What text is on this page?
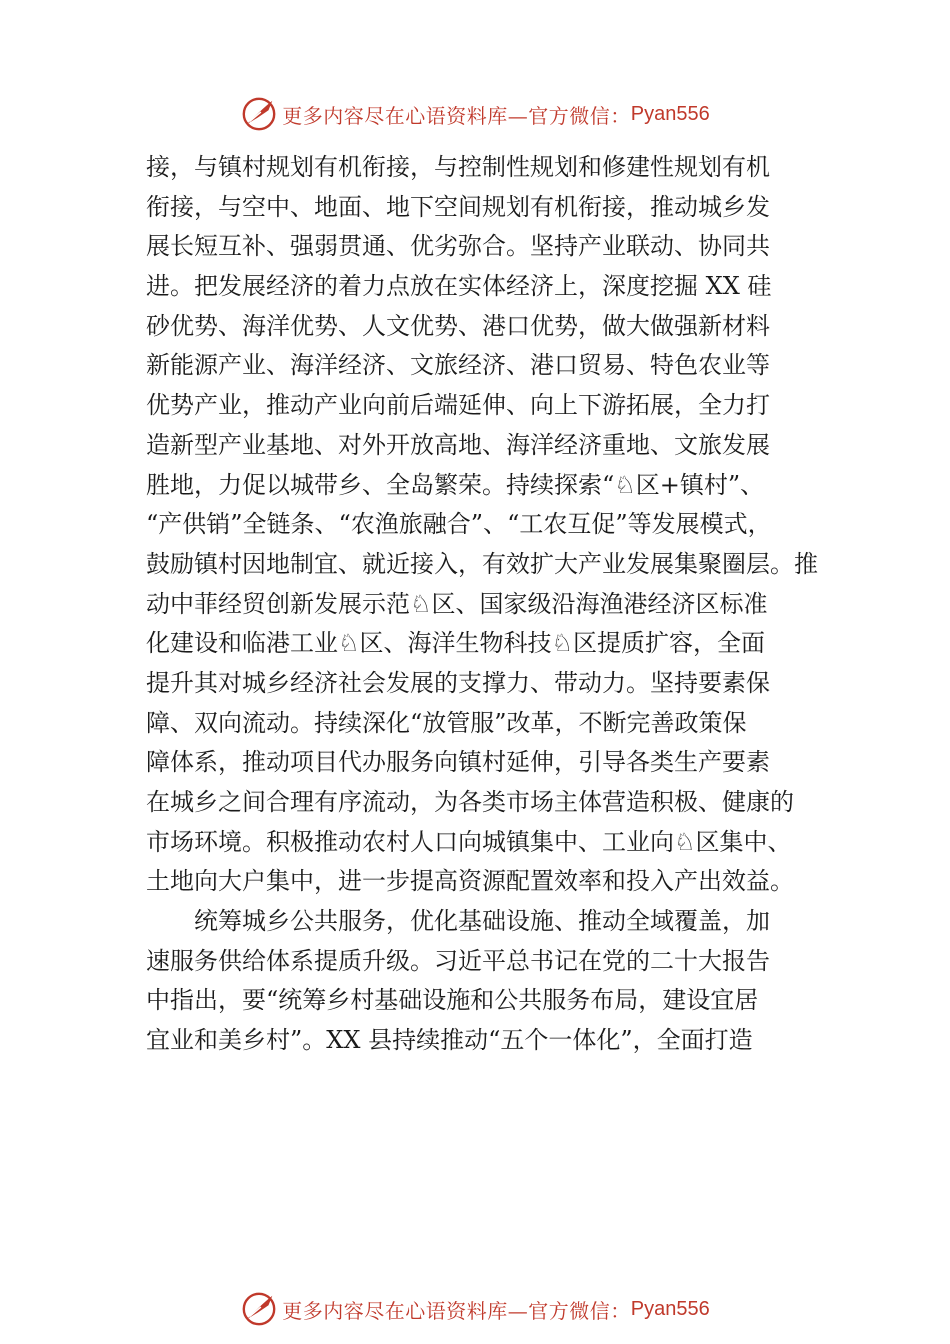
更多内容尽在心语资料库—官方微信： Pyan556
接，与镇村规划有机衔接，与控制性规划和修建性规划有机
衔接，与空中、地面、地下空间规划有机衔接，推动城乡发
展长短互补、强弱贯通、优劣弥合。坚持产业联动、协同共
进。把发展经济的着力点放在实体经济上，深度挖掘 XX 硅
砂优势、海洋优势、人文优势、港口优势，做大做强新材料
新能源产业、海洋经济、文旅经济、港口贸易、特色农业等
优势产业，推动产业向前后端延伸、向上下游拓展，全力打
造新型产业基地、对外开放高地、海洋经济重地、文旅发展
胜地，力促以城带乡、全岛繁荣。持续探索“♘区+镇村”、
“产供销”全链条、“农渔旅融合”、“工农互促”等发展模式，
鼓励镇村因地制宜、就近接入，有效扩大产业发展集聚圈层。推
动中菲经贸创新发展示范♘区、国家级沿海渔港经济区标准
化建设和临港工业♘区、海洋生物科技♘区提质扩容，全面
提升其对城乡经济社会发展的支撑力、带动力。坚持要素保
障、双向流动。持续深化“放管服”改革，不断完善政策保
障体系，推动项目代办服务向镇村延伸，引导各类生产要素
在城乡之间合理有序流动，为各类市场主体营造积极、健康的
市场环境。积极推动农村人口向城镇集中、工业向♘区集中、
土地向大户集中，进一步提高资源配置效率和投入产出效益。
　　统筹城乡公共服务，优化基础设施、推动全域覆盖，加
速服务供给体系提质升级。习近平总书记在党的二十大报告
中指出，要“统筹乡村基础设施和公共服务布局，建设宜居
宜业和美乡村”。XX 县持续推动“五个一体化”，全面打造
更多内容尽在心语资料库—官方微信： Pyan556
